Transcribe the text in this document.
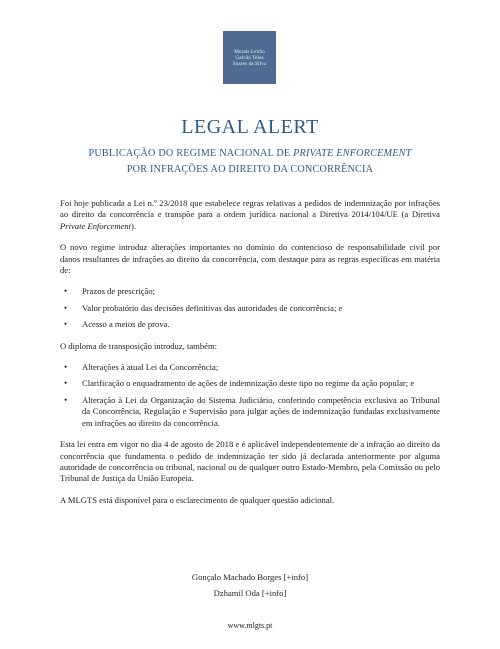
Morais Leitão
Galvão Teles
Soares da Silva
LEGAL ALERT
PUBLICAÇÃO DO REGIME NACIONAL DE PRIVATE ENFORCEMENT
POR INFRAÇÕES AO DIREITO DA CONCORRÊNCIA

Foi hoje publicada a Lei n.º 23/2018 que estabelece regras relativas a pedidos de indemnização por infrações ao direito da concorrência e transpõe para a ordem jurídica nacional a Diretiva 2014/104/UE (a Diretiva Private Enforcement).

O novo regime introduz alterações importantes no domínio do contencioso de responsabilidade civil por danos resultantes de infrações ao direito da concorrência, com destaque para as regras específicas em matéria de:

• Prazos de prescrição;
• Valor probatório das decisões definitivas das autoridades de concorrência; e
• Acesso a meios de prova.

O diploma de transposição introduz, também:

• Alterações à atual Lei da Concorrência;
• Clarificação o enquadramento de ações de indemnização deste tipo no regime da ação popular; e
• Alteração à Lei da Organização do Sistema Judiciário, conferindo competência exclusiva ao Tribunal da Concorrência, Regulação e Supervisão para julgar ações de indemnização fundadas exclusivamente em infrações ao direito da concorrência.

Esta lei entra em vigor no dia 4 de agosto de 2018 e é aplicável independentemente de a infração ao direito da concorrência que fundamenta o pedido de indemnização ter sido já declarada anteriormente por alguma autoridade de concorrência ou tribunal, nacional ou de qualquer outro Estado-Membro, pela Comissão ou pelo Tribunal de Justiça da União Europeia.

A MLGTS está disponível para o esclarecimento de qualquer questão adicional.

Gonçalo Machado Borges [+info]
Dzhamil Oda [+info]
www.mlgts.pt
